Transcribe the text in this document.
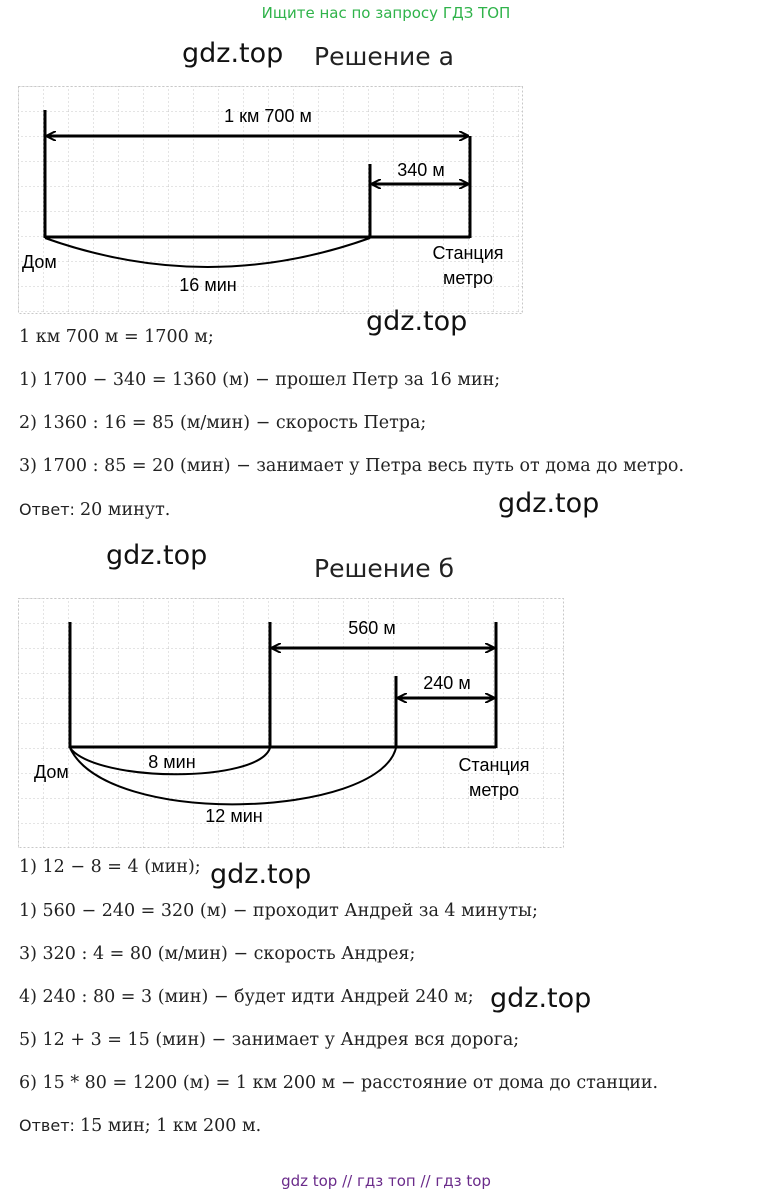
Ищите нас по запросу ГДЗ ТОП
gdz.top Решение а
1 км 700 м
340 м
16 мин
Дом	Станция
метро
gdz.top
1 км 700 м = 1700 м;
1) 1700 − 340 = 1360 (м) − прошел Петр за 16 мин;
2) 1360 : 16 = 85 (м/мин) − скорость Петра;
3) 1700 : 85 = 20 (мин) − занимает у Петра весь путь от дома до метро.
Ответ: 20 минут.	gdz.top
gdz.top	Решение б
560 м
240 м
8 мин
12 мин
Дом	Станция
метро
1) 12 − 8 = 4 (мин); gdz.top
1) 560 − 240 = 320 (м) − проходит Андрей за 4 минуты;
3) 320 : 4 = 80 (м/мин) − скорость Андрея;
4) 240 : 80 = 3 (мин) − будет идти Андрей 240 м; gdz.top
5) 12 + 3 = 15 (мин) − занимает у Андрея вся дорога;
6) 15 * 80 = 1200 (м) = 1 км 200 м − расстояние от дома до станции.
Ответ: 15 мин; 1 км 200 м.
gdz top // гдз топ // гдз top
